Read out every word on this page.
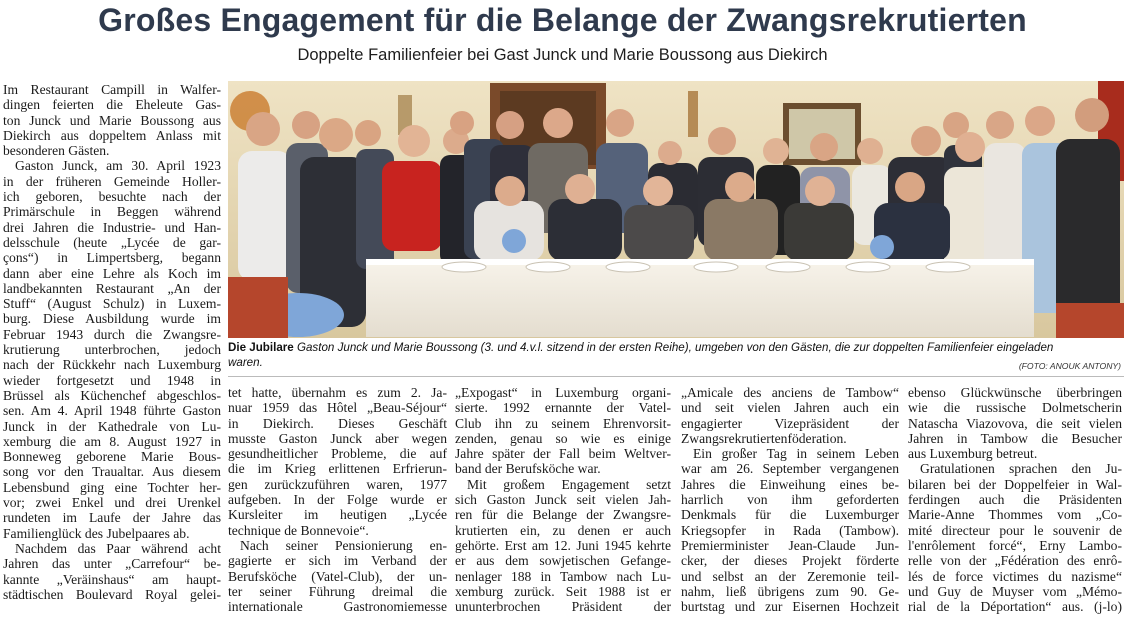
Großes Engagement für die Belange der Zwangsrekrutierten
Doppelte Familienfeier bei Gast Junck und Marie Boussong aus Diekirch
Im Restaurant Campill in Walfer-
dingen feierten die Eheleute Gas-
ton Junck und Marie Boussong aus
Diekirch aus doppeltem Anlass mit
besonderen Gästen.
Gaston Junck, am 30. April 1923
in der früheren Gemeinde Holler-
ich geboren, besuchte nach der
Primärschule in Beggen während
drei Jahren die Industrie- und Han-
delsschule (heute „Lycée de gar-
çons“) in Limpertsberg, begann
dann aber eine Lehre als Koch im
landbekannten Restaurant „An der
Stuff“ (August Schulz) in Luxem-
burg. Diese Ausbildung wurde im
Februar 1943 durch die Zwangsre-
krutierung unterbrochen, jedoch
nach der Rückkehr nach Luxemburg
wieder fortgesetzt und 1948 in
Brüssel als Küchenchef abgeschlos-
sen. Am 4. April 1948 führte Gaston
Junck in der Kathedrale von Lu-
xemburg die am 8. August 1927 in
Bonneweg geborene Marie Bous-
song vor den Traualtar. Aus diesem
Lebensbund ging eine Tochter her-
vor; zwei Enkel und drei Urenkel
rundeten im Laufe der Jahre das
Familienglück des Jubelpaares ab.
Nachdem das Paar während acht
Jahren das unter „Carrefour“ be-
kannte „Veräinshaus“ am haupt-
städtischen Boulevard Royal gelei-
Die Jubilare Gaston Junck und Marie Boussong (3. und 4.v.l. sitzend in der ersten Reihe), umgeben von den Gästen, die zur doppelten Familienfeier eingeladen
waren.	(FOTO: ANOUK ANTONY)
tet hatte, übernahm es zum 2. Ja-
nuar 1959 das Hôtel „Beau-Séjour“
in Diekirch. Dieses Geschäft
musste Gaston Junck aber wegen
gesundheitlicher Probleme, die auf
die im Krieg erlittenen Erfrierun-
gen zurückzuführen waren, 1977
aufgeben. In der Folge wurde er
Kursleiter im heutigen „Lycée
technique de Bonnevoie“.
Nach seiner Pensionierung en-
gagierte er sich im Verband der
Berufsköche (Vatel-Club), der un-
ter seiner Führung dreimal die
internationale Gastronomiemesse
„Expogast“ in Luxemburg organi-
sierte. 1992 ernannte der Vatel-
Club ihn zu seinem Ehrenvorsit-
zenden, genau so wie es einige
Jahre später der Fall beim Weltver-
band der Berufsköche war.
Mit großem Engagement setzt
sich Gaston Junck seit vielen Jah-
ren für die Belange der Zwangsre-
krutierten ein, zu denen er auch
gehörte. Erst am 12. Juni 1945 kehrte
er aus dem sowjetischen Gefange-
nenlager 188 in Tambow nach Lu-
xemburg zurück. Seit 1988 ist er
ununterbrochen Präsident der
„Amicale des anciens de Tambow“
und seit vielen Jahren auch ein
engagierter Vizepräsident der
Zwangsrekrutiertenföderation.
Ein großer Tag in seinem Leben
war am 26. September vergangenen
Jahres die Einweihung eines be-
harrlich von ihm geforderten
Denkmals für die Luxemburger
Kriegsopfer in Rada (Tambow).
Premierminister Jean-Claude Jun-
cker, der dieses Projekt förderte
und selbst an der Zeremonie teil-
nahm, ließ übrigens zum 90. Ge-
burtstag und zur Eisernen Hochzeit
ebenso Glückwünsche überbringen
wie die russische Dolmetscherin
Natascha Viazovova, die seit vielen
Jahren in Tambow die Besucher
aus Luxemburg betreut.
Gratulationen sprachen den Ju-
bilaren bei der Doppelfeier in Wal-
ferdingen auch die Präsidenten
Marie-Anne Thommes vom „Co-
mité directeur pour le souvenir de
l'enrôlement forcé“, Erny Lambo-
relle von der „Fédération des enrô-
lés de force victimes du nazisme“
und Guy de Muyser vom „Mémo-
rial de la Déportation“ aus. (j-lo)
